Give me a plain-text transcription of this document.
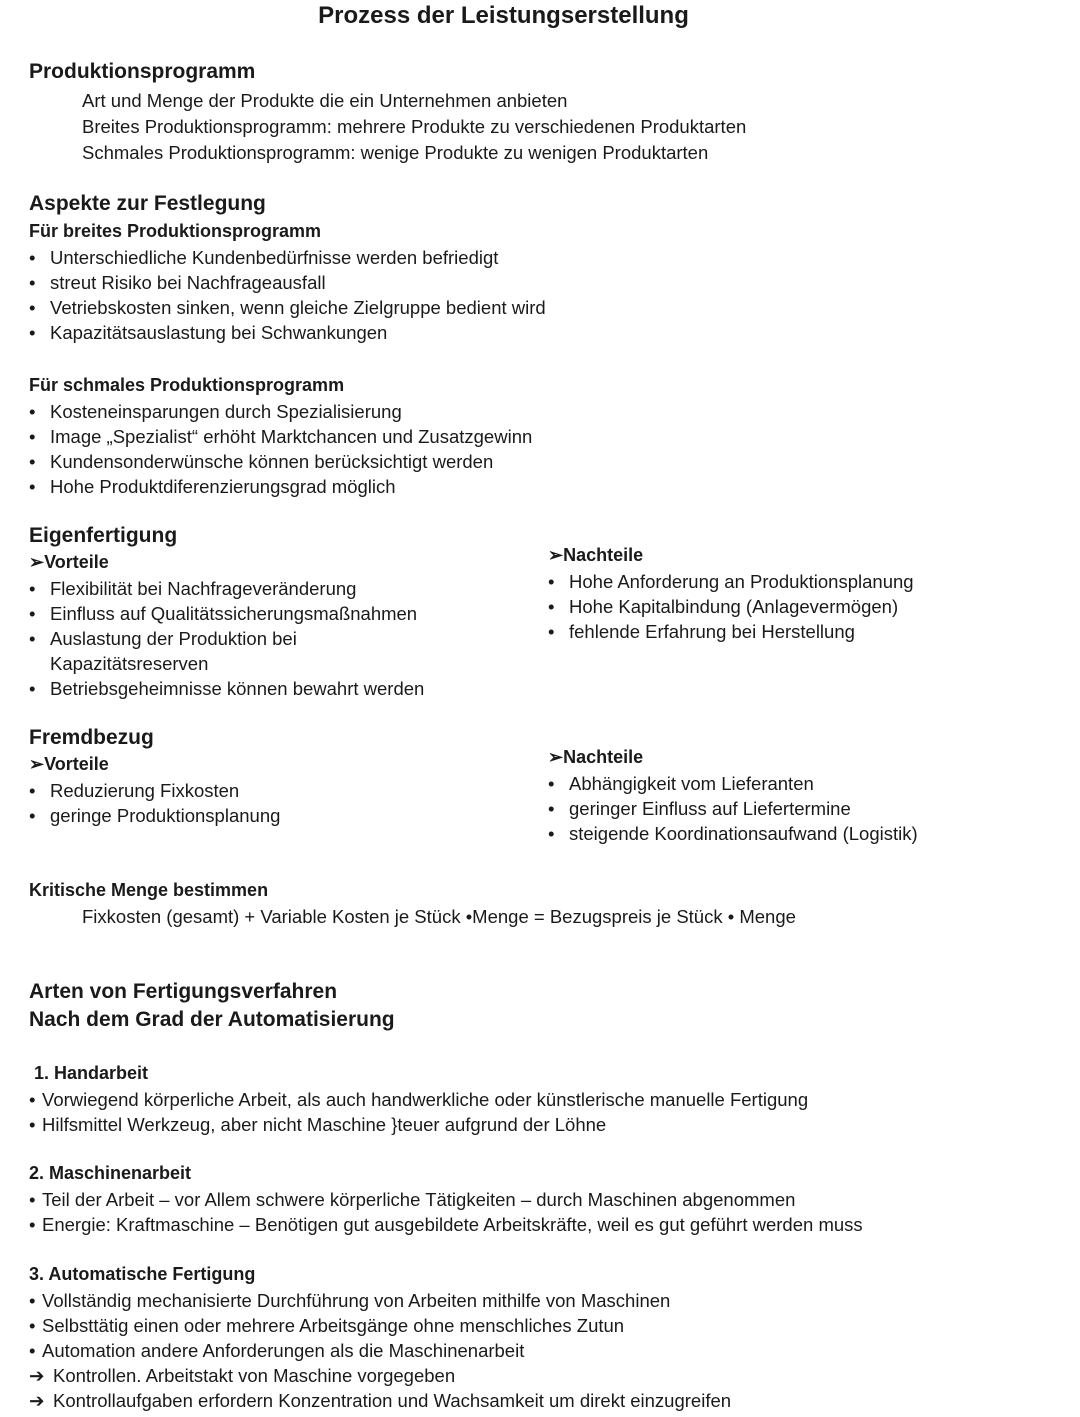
Prozess der Leistungserstellung
Produktionsprogramm
Art und Menge der Produkte die ein Unternehmen anbieten
Breites Produktionsprogramm: mehrere Produkte zu verschiedenen Produktarten
Schmales Produktionsprogramm: wenige Produkte zu wenigen Produktarten
Aspekte zur Festlegung
Für breites Produktionsprogramm
• Unterschiedliche Kundenbedürfnisse werden befriedigt
• streut Risiko bei Nachfrageausfall
• Vetriebskosten sinken, wenn gleiche Zielgruppe bedient wird
• Kapazitätsauslastung bei Schwankungen
Für schmales Produktionsprogramm
• Kosteneinsparungen durch Spezialisierung
• Image „Spezialist“ erhöht Marktchancen und Zusatzgewinn
• Kundensonderwünsche können berücksichtigt werden
• Hohe Produktdiferenzierungsgrad möglich
Eigenfertigung
➢Vorteile
• Flexibilität bei Nachfrageveränderung
• Einfluss auf Qualitätssicherungsmaßnahmen
• Auslastung der Produktion bei Kapazitätsreserven
• Betriebsgeheimnisse können bewahrt werden
➢Nachteile
• Hohe Anforderung an Produktionsplanung
• Hohe Kapitalbindung (Anlagevermögen)
• fehlende Erfahrung bei Herstellung
Fremdbezug
➢Vorteile
• Reduzierung Fixkosten
• geringe Produktionsplanung
➢Nachteile
• Abhängigkeit vom Lieferanten
• geringer Einfluss auf Liefertermine
• steigende Koordinationsaufwand (Logistik)
Kritische Menge bestimmen
Fixkosten (gesamt) + Variable Kosten je Stück •Menge = Bezugspreis je Stück • Menge
Arten von Fertigungsverfahren
Nach dem Grad der Automatisierung
1. Handarbeit
• Vorwiegend körperliche Arbeit, als auch handwerkliche oder künstlerische manuelle Fertigung
• Hilfsmittel Werkzeug, aber nicht Maschine }teuer aufgrund der Löhne
2. Maschinenarbeit
• Teil der Arbeit – vor Allem schwere körperliche Tätigkeiten – durch Maschinen abgenommen
• Energie: Kraftmaschine – Benötigen gut ausgebildete Arbeitskräfte, weil es gut geführt werden muss
3. Automatische Fertigung
• Vollständig mechanisierte Durchführung von Arbeiten mithilfe von Maschinen
• Selbsttätig einen oder mehrere Arbeitsgänge ohne menschliches Zutun
• Automation andere Anforderungen als die Maschinenarbeit
➔ Kontrollen. Arbeitstakt von Maschine vorgegeben
➔ Kontrollaufgaben erfordern Konzentration und Wachsamkeit um direkt einzugreifen
